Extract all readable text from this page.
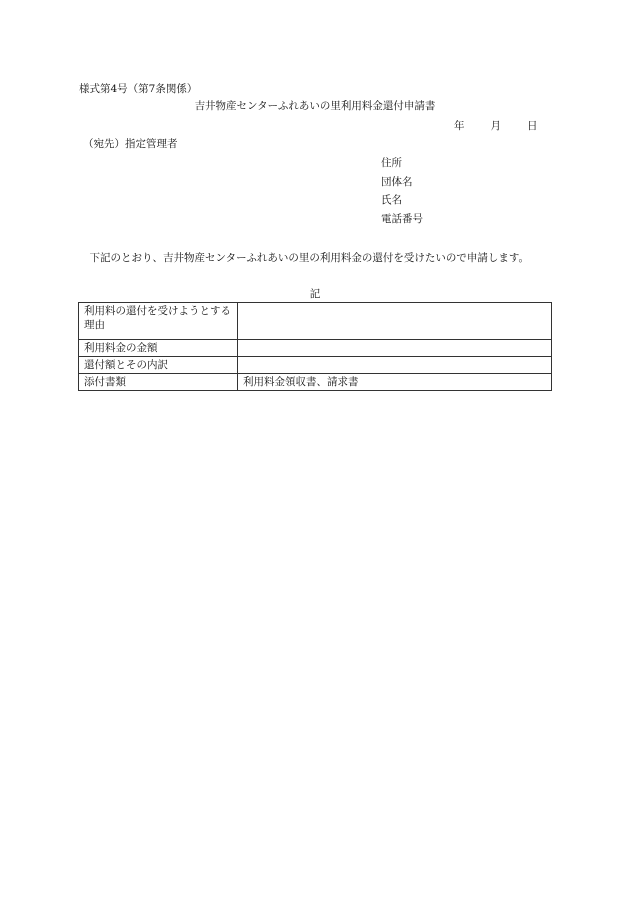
様式第4号（第7条関係）
吉井物産センターふれあいの里利用料金還付申請書
年 月 日
（宛先）指定管理者
住所
団体名
氏名
電話番号
下記のとおり、吉井物産センターふれあいの里の利用料金の還付を受けたいので申請します。
記
利用料の還付を受けようとする理由	
利用料金の金額	
還付額とその内訳	
添付書類	利用料金領収書、請求書
